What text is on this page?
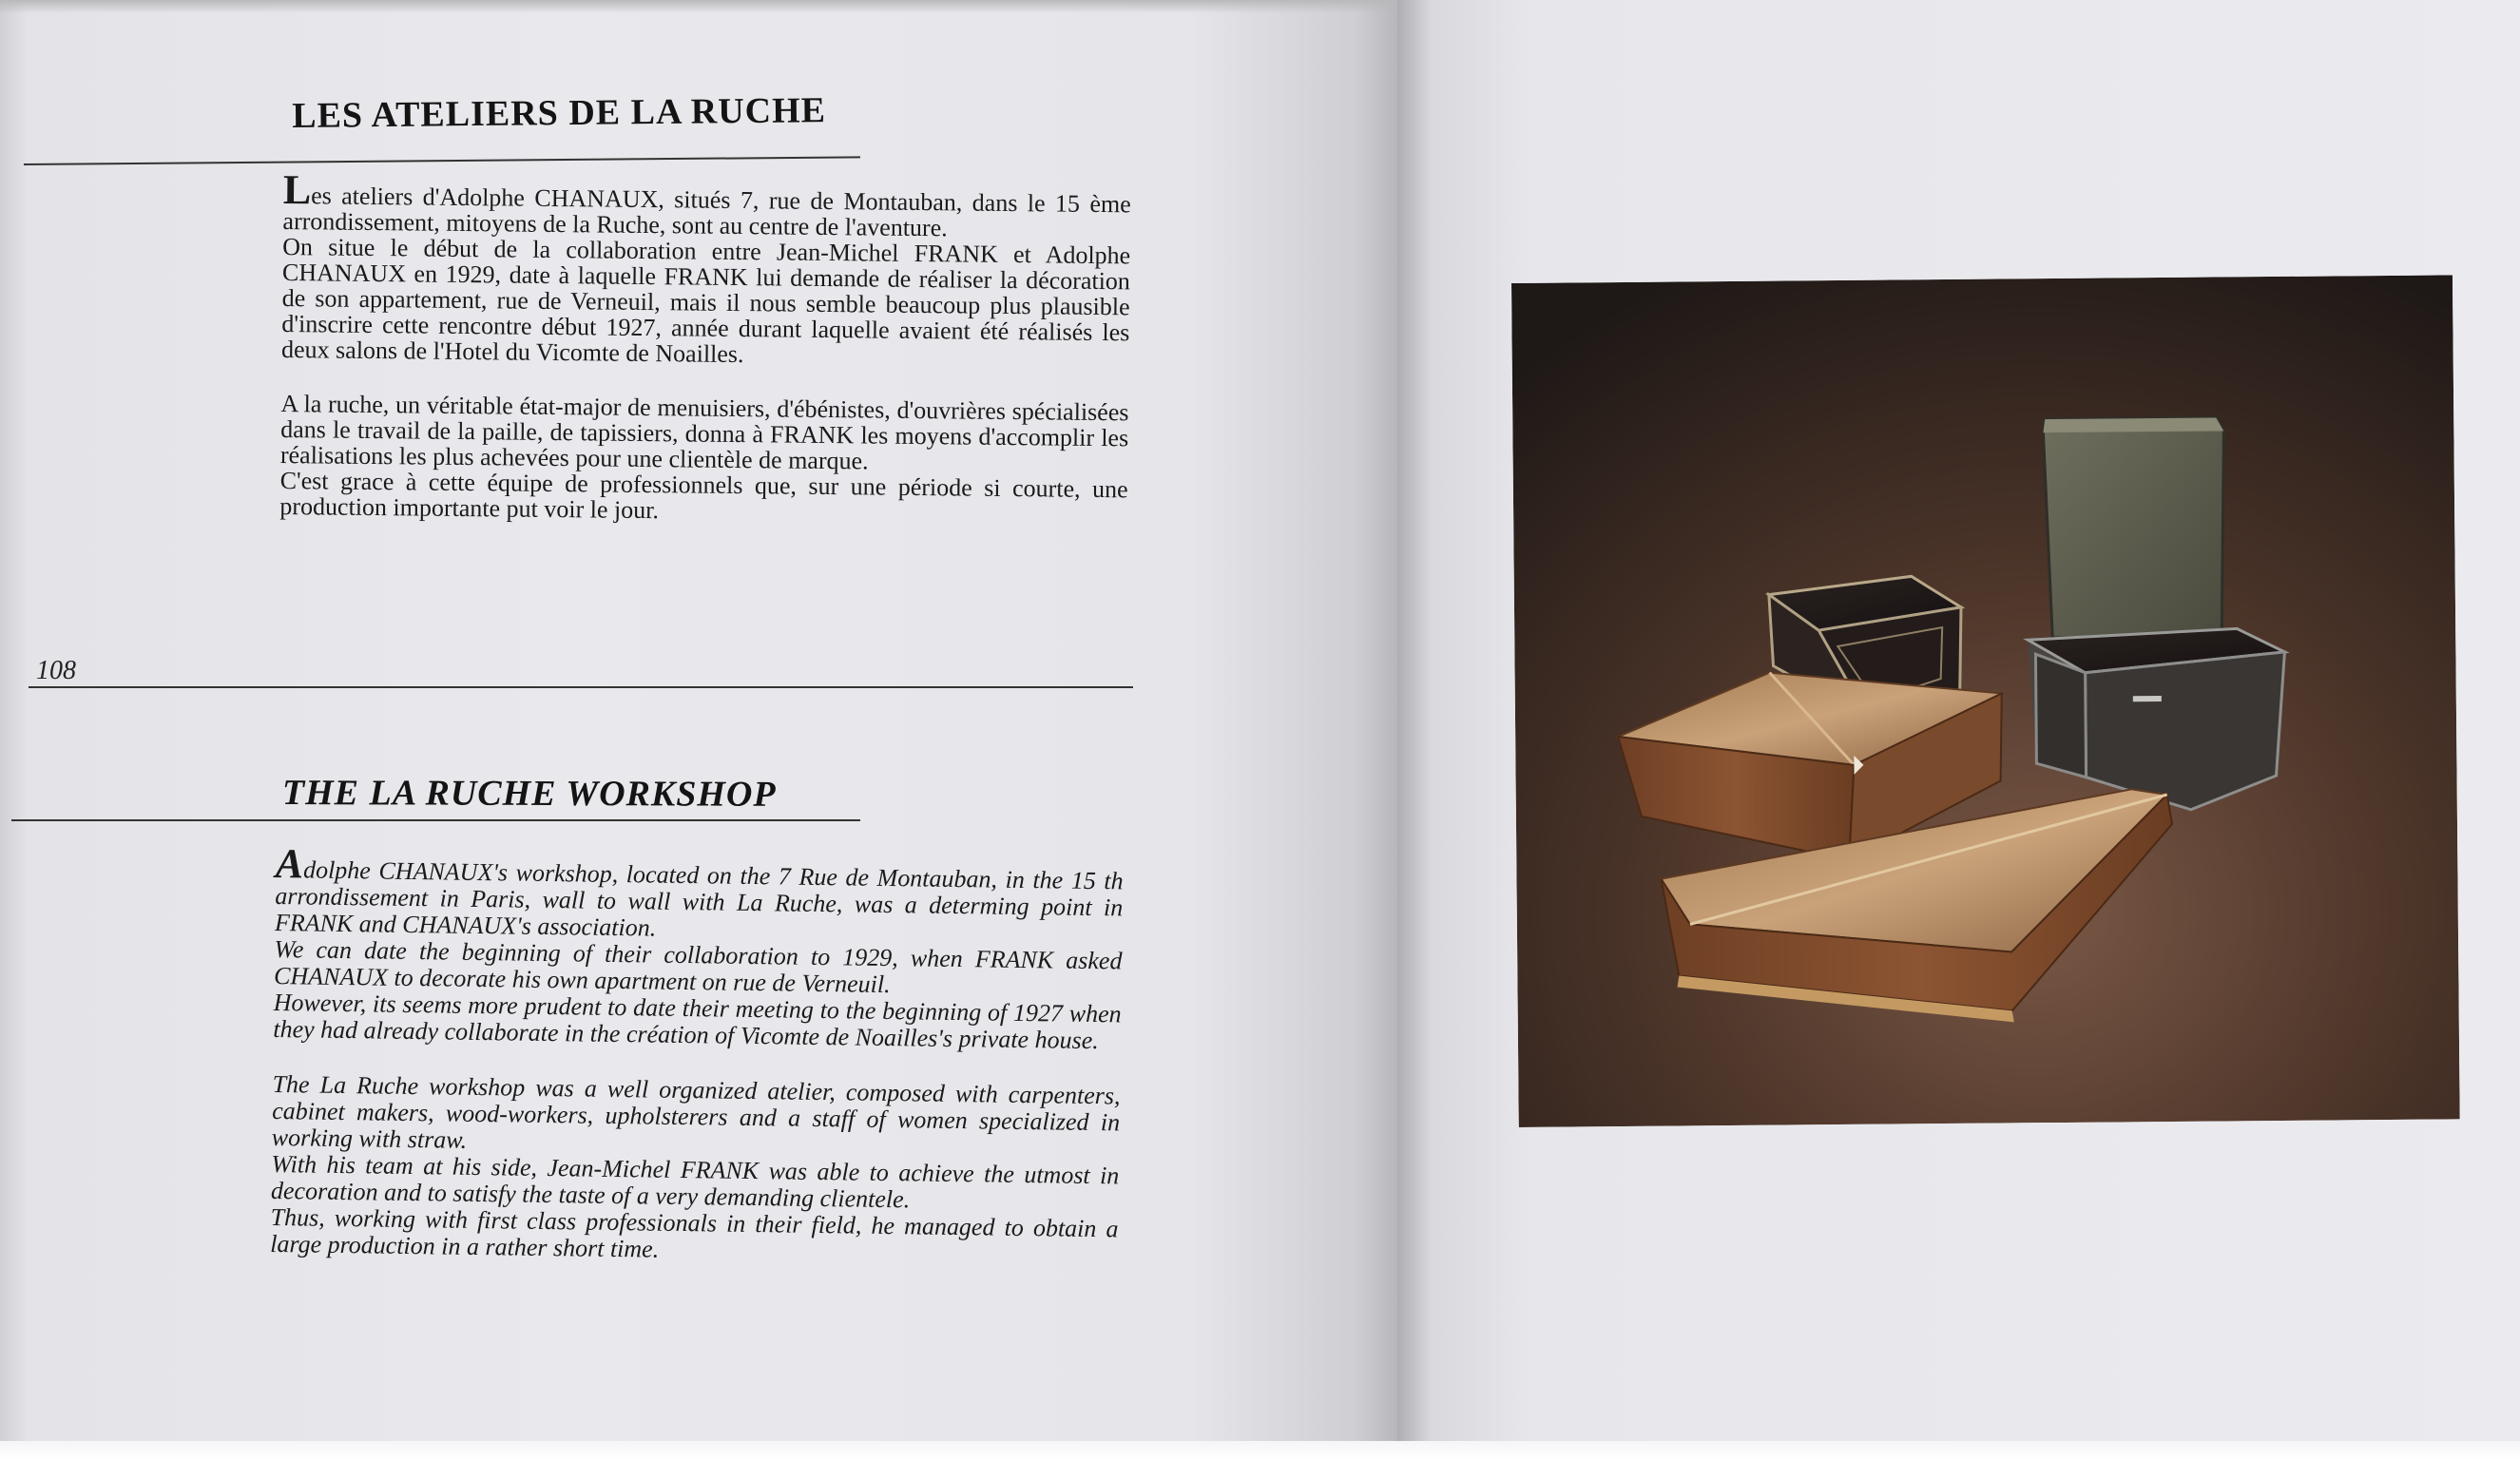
LES ATELIERS DE LA RUCHE

Les ateliers d'Adolphe CHANAUX, situés 7, rue de Montauban, dans le 15 ème arrondissement, mitoyens de la Ruche, sont au centre de l'aventure.

On situe le début de la collaboration entre Jean-Michel FRANK et Adolphe CHANAUX en 1929, date à laquelle FRANK lui demande de réaliser la décoration de son appartement, rue de Verneuil, mais il nous semble beaucoup plus plausible d'inscrire cette rencontre début 1927, année durant laquelle avaient été réalisés les deux salons de l'Hotel du Vicomte de Noailles.

A la ruche, un véritable état-major de menuisiers, d'ébénistes, d'ouvrières spécialisées dans le travail de la paille, de tapissiers, donna à FRANK les moyens d'accomplir les réalisations les plus achevées pour une clientèle de marque.

C'est grace à cette équipe de professionnels que, sur une période si courte, une production importante put voir le jour.

108
THE LA RUCHE WORKSHOP

Adolphe CHANAUX's workshop, located on the 7 Rue de Montauban, in the 15 th arrondissement in Paris, wall to wall with La Ruche, was a determing point in FRANK and CHANAUX's association.

We can date the beginning of their collaboration to 1929, when FRANK asked CHANAUX to decorate his own apartment on rue de Verneuil.

However, its seems more prudent to date their meeting to the beginning of 1927 when they had already collaborate in the création of Vicomte de Noailles's private house.

The La Ruche workshop was a well organized atelier, composed with carpenters, cabinet makers, wood-workers, upholsterers and a staff of women specialized in working with straw.

With his team at his side, Jean-Michel FRANK was able to achieve the utmost in decoration and to satisfy the taste of a very demanding clientele.

Thus, working with first class professionals in their field, he managed to obtain a large production in a rather short time.
